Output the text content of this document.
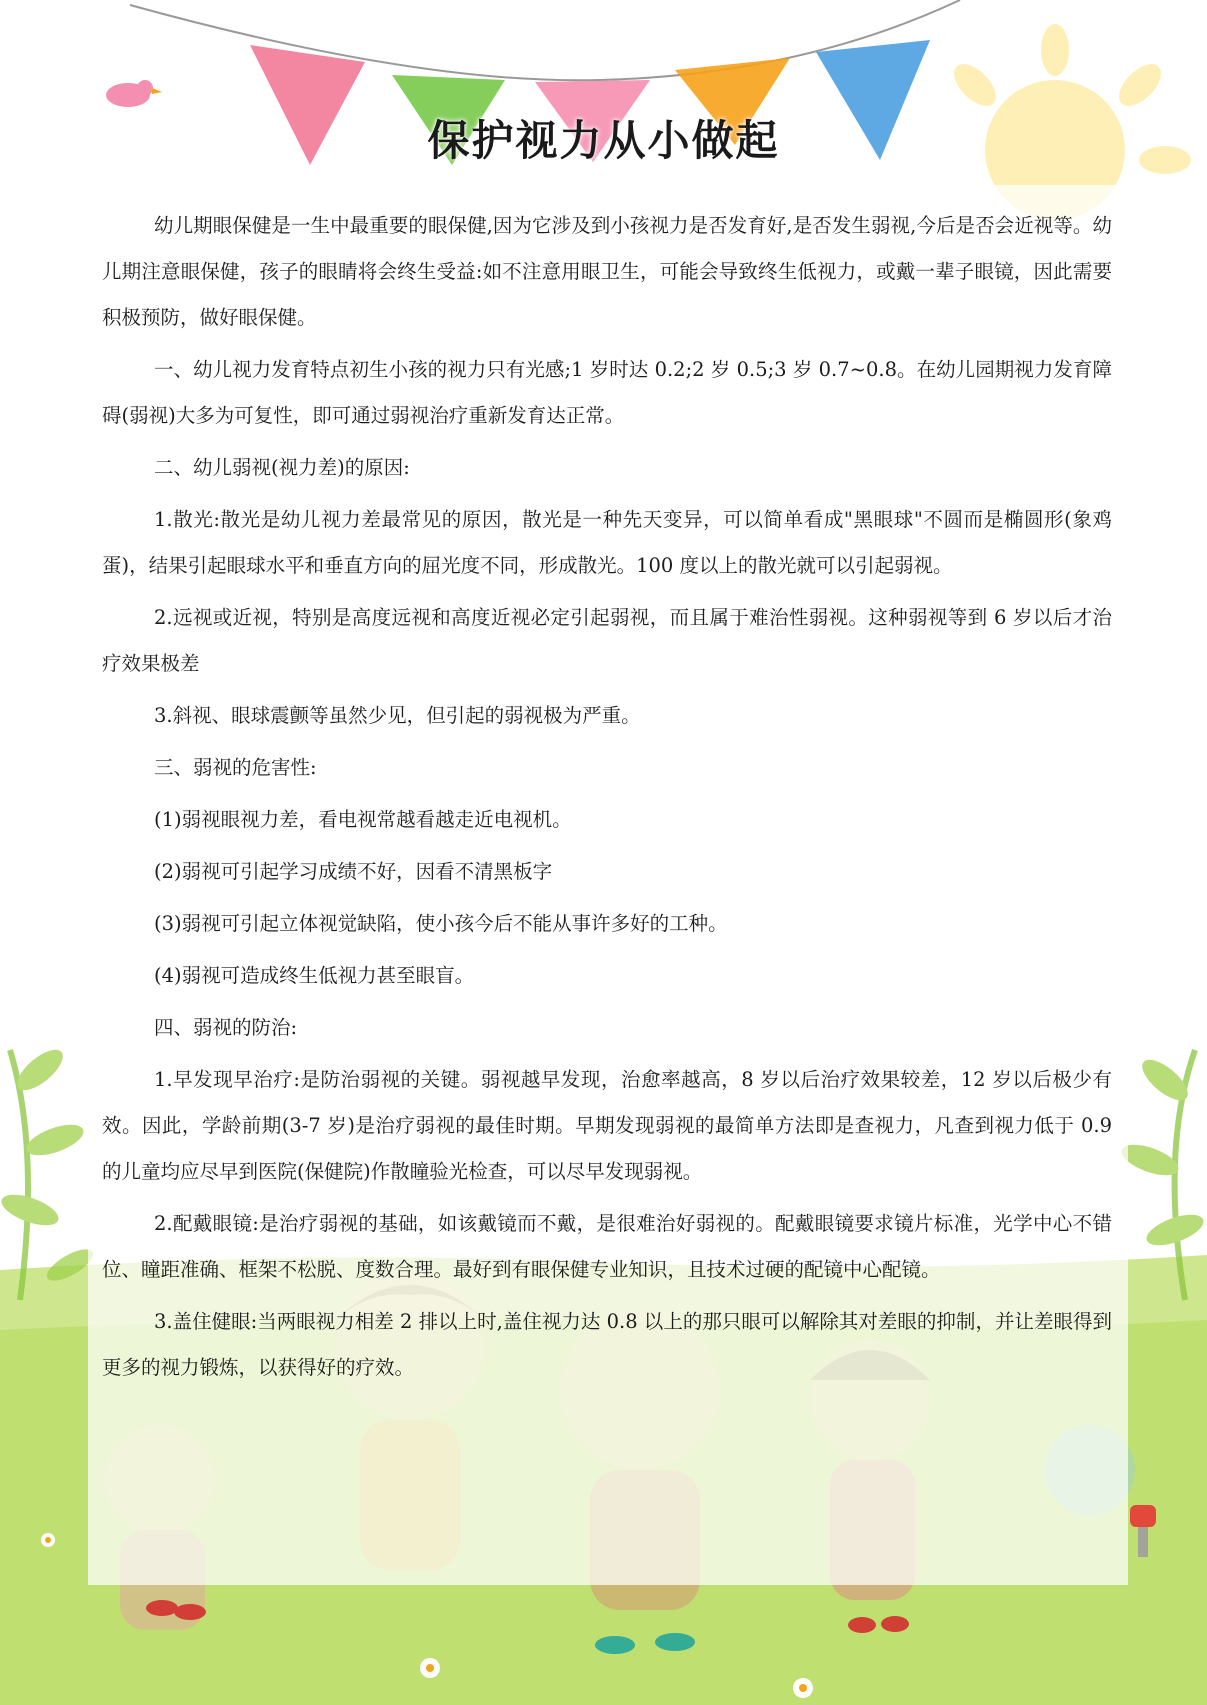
保护视力从小做起

幼儿期眼保健是一生中最重要的眼保健,因为它涉及到小孩视力是否发育好,是否发生弱视,今后是否会近视等。幼儿期注意眼保健，孩子的眼睛将会终生受益:如不注意用眼卫生，可能会导致终生低视力，或戴一辈子眼镜，因此需要积极预防，做好眼保健。

一、幼儿视力发育特点初生小孩的视力只有光感;1 岁时达 0.2;2 岁 0.5;3 岁 0.7~0.8。在幼儿园期视力发育障碍(弱视)大多为可复性，即可通过弱视治疗重新发育达正常。

二、幼儿弱视(视力差)的原因:

1.散光:散光是幼儿视力差最常见的原因，散光是一种先天变异，可以简单看成"黑眼球"不圆而是椭圆形(象鸡蛋)，结果引起眼球水平和垂直方向的屈光度不同，形成散光。100 度以上的散光就可以引起弱视。

2.远视或近视，特别是高度远视和高度近视必定引起弱视，而且属于难治性弱视。这种弱视等到 6 岁以后才治疗效果极差

3.斜视、眼球震颤等虽然少见，但引起的弱视极为严重。

三、弱视的危害性:

(1)弱视眼视力差，看电视常越看越走近电视机。

(2)弱视可引起学习成绩不好，因看不清黑板字

(3)弱视可引起立体视觉缺陷，使小孩今后不能从事许多好的工种。

(4)弱视可造成终生低视力甚至眼盲。

四、弱视的防治:

1.早发现早治疗:是防治弱视的关键。弱视越早发现，治愈率越高，8 岁以后治疗效果较差，12 岁以后极少有效。因此，学龄前期(3-7 岁)是治疗弱视的最佳时期。早期发现弱视的最简单方法即是查视力，凡查到视力低于 0.9 的儿童均应尽早到医院(保健院)作散瞳验光检查，可以尽早发现弱视。

2.配戴眼镜:是治疗弱视的基础，如该戴镜而不戴，是很难治好弱视的。配戴眼镜要求镜片标准，光学中心不错位、瞳距准确、框架不松脱、度数合理。最好到有眼保健专业知识，且技术过硬的配镜中心配镜。

3.盖住健眼:当两眼视力相差 2 排以上时,盖住视力达 0.8 以上的那只眼可以解除其对差眼的抑制，并让差眼得到更多的视力锻炼，以获得好的疗效。
